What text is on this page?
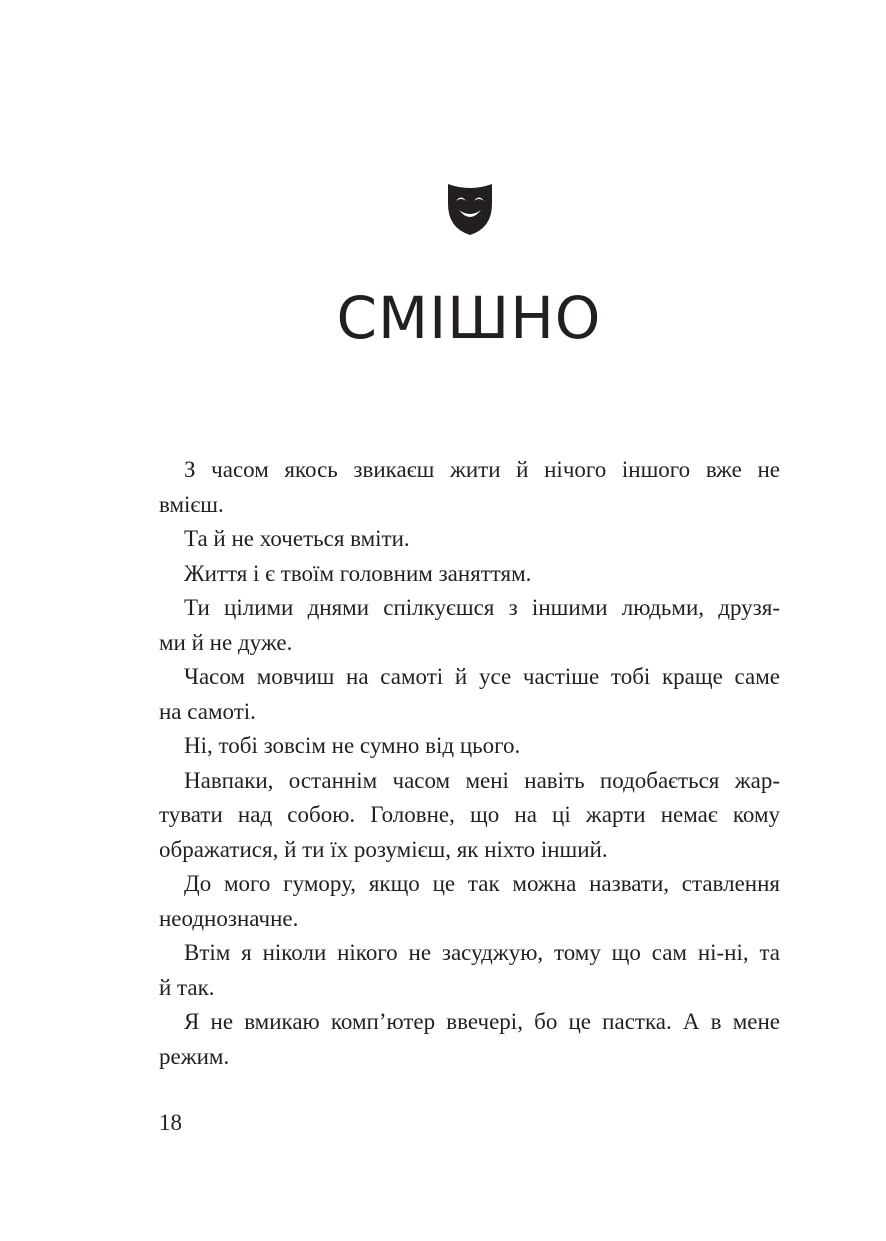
СМІШНО
З часом якось звикаєш жити й нічого іншого вже не
вмієш.
Та й не хочеться вміти.
Життя і є твоїм головним заняттям.
Ти цілими днями спілкуєшся з іншими людьми, друзя-
ми й не дуже.
Часом мовчиш на самоті й усе частіше тобі краще саме
на самоті.
Ні, тобі зовсім не сумно від цього.
Навпаки, останнім часом мені навіть подобається жар-
тувати над собою. Головне, що на ці жарти немає кому
ображатися, й ти їх розумієш, як ніхто інший.
До мого гумору, якщо це так можна назвати, ставлення
неоднозначне.
Втім я ніколи нікого не засуджую, тому що сам ні-ні, та
й так.
Я не вмикаю комп’ютер ввечері, бо це пастка. А в мене
режим.
18
